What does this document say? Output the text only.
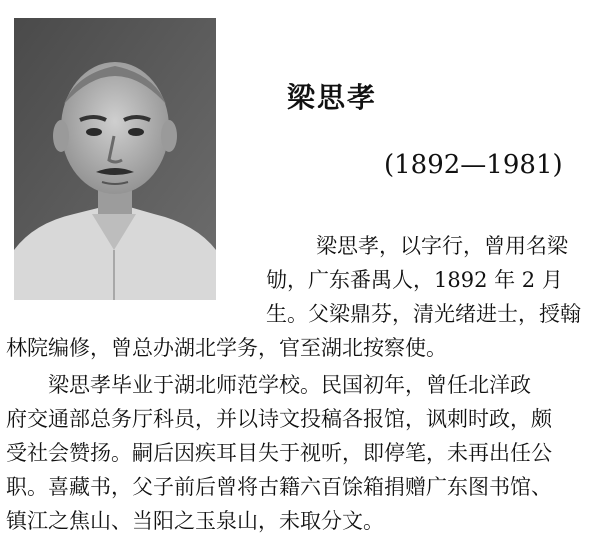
梁思孝
(1892—1981)
梁思孝，以字行，曾用名梁
劬，广东番禺人，1892 年 2 月
生。父梁鼎芬，清光绪进士，授翰
林院编修，曾总办湖北学务，官至湖北按察使。
梁思孝毕业于湖北师范学校。民国初年，曾任北洋政
府交通部总务厅科员，并以诗文投稿各报馆，讽刺时政，颇
受社会赞扬。嗣后因疾耳目失于视听，即停笔，未再出任公
职。喜藏书，父子前后曾将古籍六百馀箱捐赠广东图书馆、
镇江之焦山、当阳之玉泉山，未取分文。
